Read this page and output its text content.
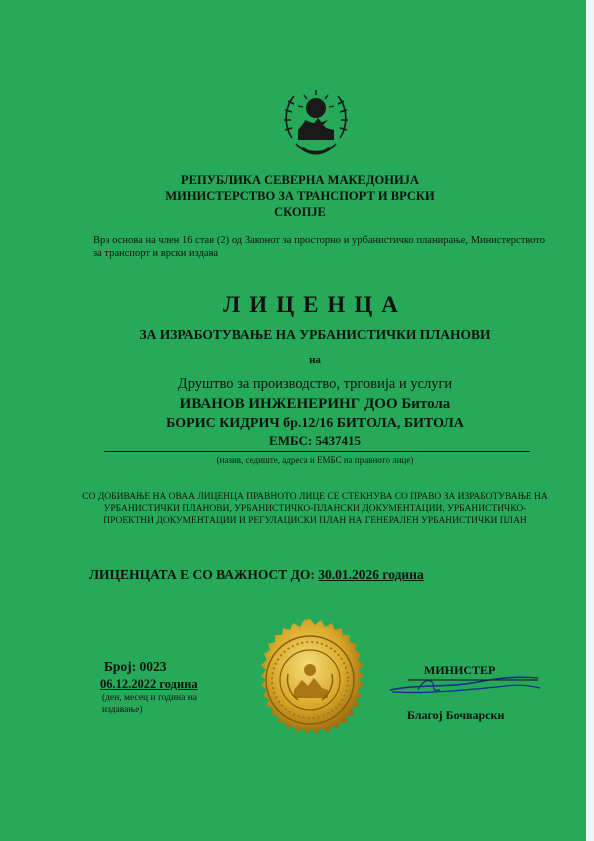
РЕПУБЛИКА СЕВЕРНА МАКЕДОНИЈА
МИНИСТЕРСТВО ЗА ТРАНСПОРТ И ВРСКИ
СКОПЈЕ
Врз основа на член 16 став (2) од Законот за просторно и урбанистичко планирање, Министерството за транспорт и врски издава
ЛИЦЕНЦА
ЗА ИЗРАБОТУВАЊЕ НА УРБАНИСТИЧКИ ПЛАНОВИ
на
Друштво за производство, трговија и услуги
ИВАНОВ ИНЖЕНЕРИНГ ДОО Битола
БОРИС КИДРИЧ бр.12/16 БИТОЛА, БИТОЛА
ЕМБС: 5437415
(назив, седиште, адреса и ЕМБС на правното лице)
СО ДОБИВАЊЕ НА ОВАА ЛИЦЕНЦА ПРАВНОТО ЛИЦЕ СЕ СТЕКНУВА СО ПРАВО ЗА ИЗРАБОТУВАЊЕ НА УРБАНИСТИЧКИ ПЛАНОВИ, УРБАНИСТИЧКО-ПЛАНСКИ ДОКУМЕНТАЦИИ, УРБАНИСТИЧКО-ПРОЕКТНИ ДОКУМЕНТАЦИИ И РЕГУЛАЦИСКИ ПЛАН НА ГЕНЕРАЛЕН УРБАНИСТИЧКИ ПЛАН
ЛИЦЕНЦАТА Е СО ВАЖНОСТ ДО: 30.01.2026 година
Број: 0023
06.12.2022 година
(ден, месец и година на издавање)
МИНИСТЕР
Благој Бочварски
